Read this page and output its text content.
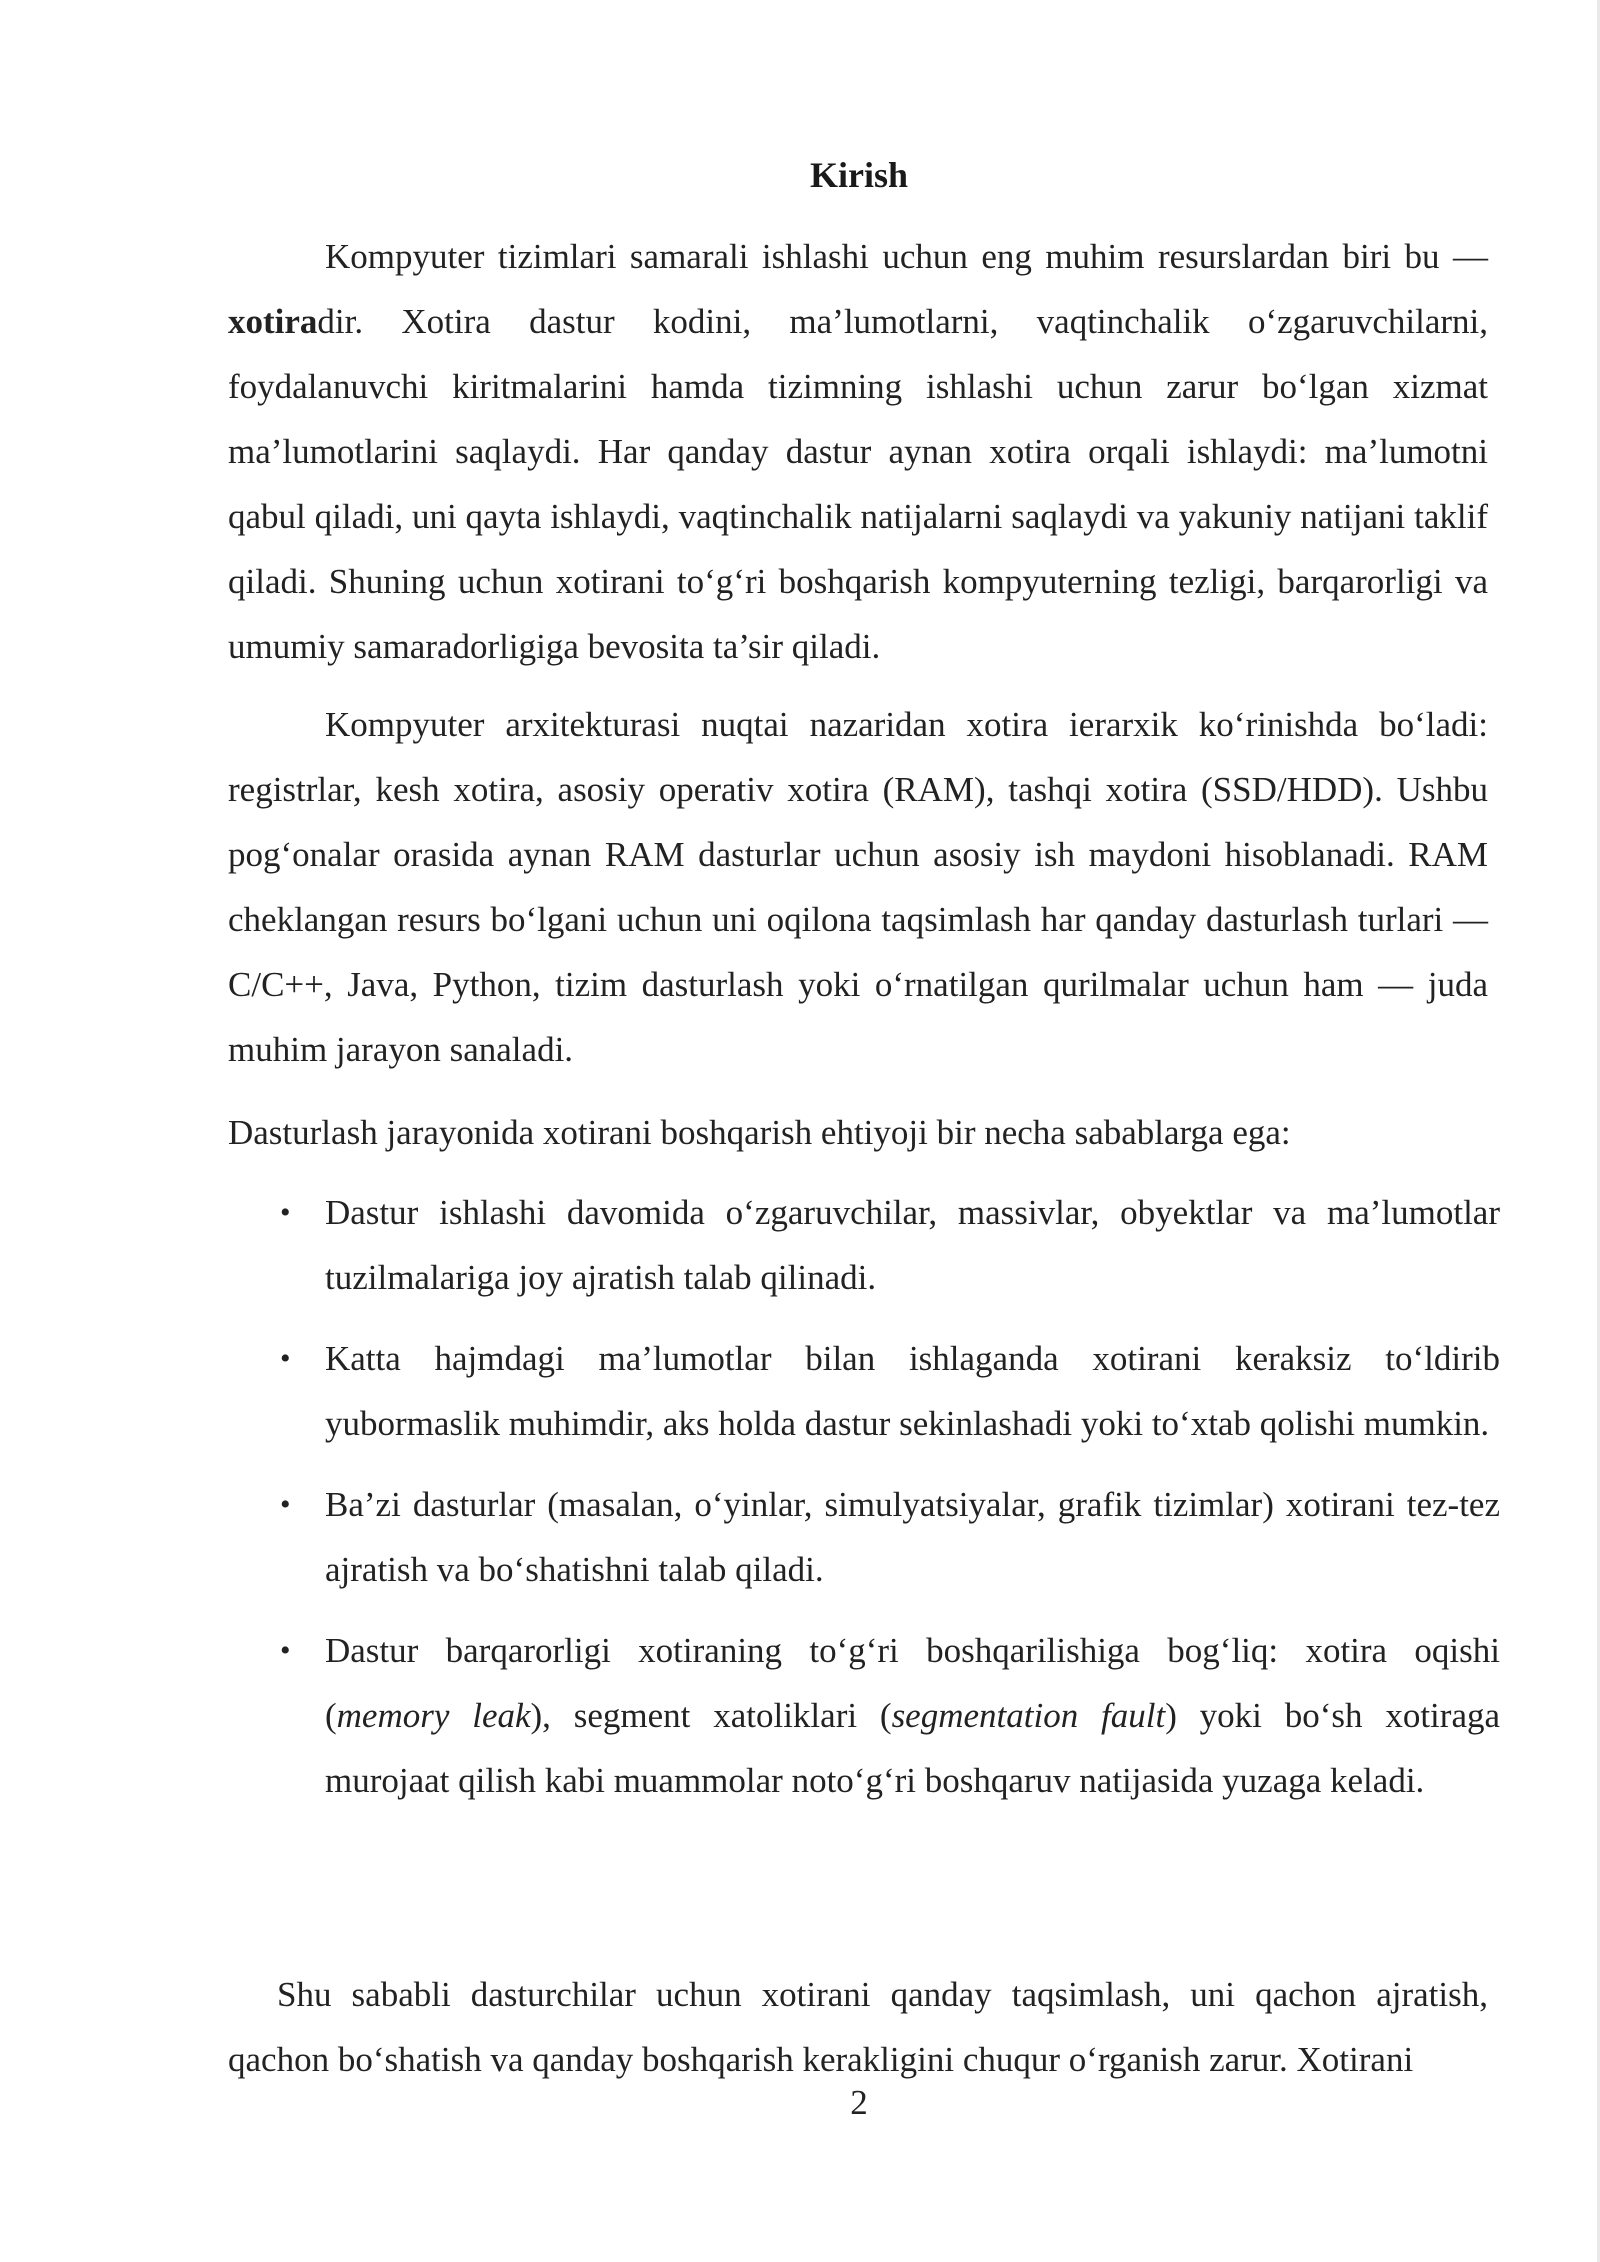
Kirish

Kompyuter tizimlari samarali ishlashi uchun eng muhim resurslardan biri bu — xotiradir. Xotira dastur kodini, ma’lumotlarni, vaqtinchalik o‘zgaruvchilarni, foydalanuvchi kiritmalarini hamda tizimning ishlashi uchun zarur bo‘lgan xizmat ma’lumotlarini saqlaydi. Har qanday dastur aynan xotira orqali ishlaydi: ma’lumotni qabul qiladi, uni qayta ishlaydi, vaqtinchalik natijalarni saqlaydi va yakuniy natijani taklif qiladi. Shuning uchun xotirani to‘g‘ri boshqarish kompyuterning tezligi, barqarorligi va umumiy samaradorligiga bevosita ta’sir qiladi.

Kompyuter arxitekturasi nuqtai nazaridan xotira ierarxik ko‘rinishda bo‘ladi: registrlar, kesh xotira, asosiy operativ xotira (RAM), tashqi xotira (SSD/HDD). Ushbu pog‘onalar orasida aynan RAM dasturlar uchun asosiy ish maydoni hisoblanadi. RAM cheklangan resurs bo‘lgani uchun uni oqilona taqsimlash har qanday dasturlash turlari — C/C++, Java, Python, tizim dasturlash yoki o‘rnatilgan qurilmalar uchun ham — juda muhim jarayon sanaladi.

Dasturlash jarayonida xotirani boshqarish ehtiyoji bir necha sabablarga ega:

• Dastur ishlashi davomida o‘zgaruvchilar, massivlar, obyektlar va ma’lumotlar tuzilmalariga joy ajratish talab qilinadi.
• Katta hajmdagi ma’lumotlar bilan ishlaganda xotirani keraksiz to‘ldirib yubormaslik muhimdir, aks holda dastur sekinlashadi yoki to‘xtab qolishi mumkin.
• Ba’zi dasturlar (masalan, o‘yinlar, simulyatsiyalar, grafik tizimlar) xotirani tez-tez ajratish va bo‘shatishni talab qiladi.
• Dastur barqarorligi xotiraning to‘g‘ri boshqarilishiga bog‘liq: xotira oqishi (memory leak), segment xatoliklari (segmentation fault) yoki bo‘sh xotiraga murojaat qilish kabi muammolar noto‘g‘ri boshqaruv natijasida yuzaga keladi.

Shu sababli dasturchilar uchun xotirani qanday taqsimlash, uni qachon ajratish, qachon bo‘shatish va qanday boshqarish kerakligini chuqur o‘rganish zarur. Xotirani

2
